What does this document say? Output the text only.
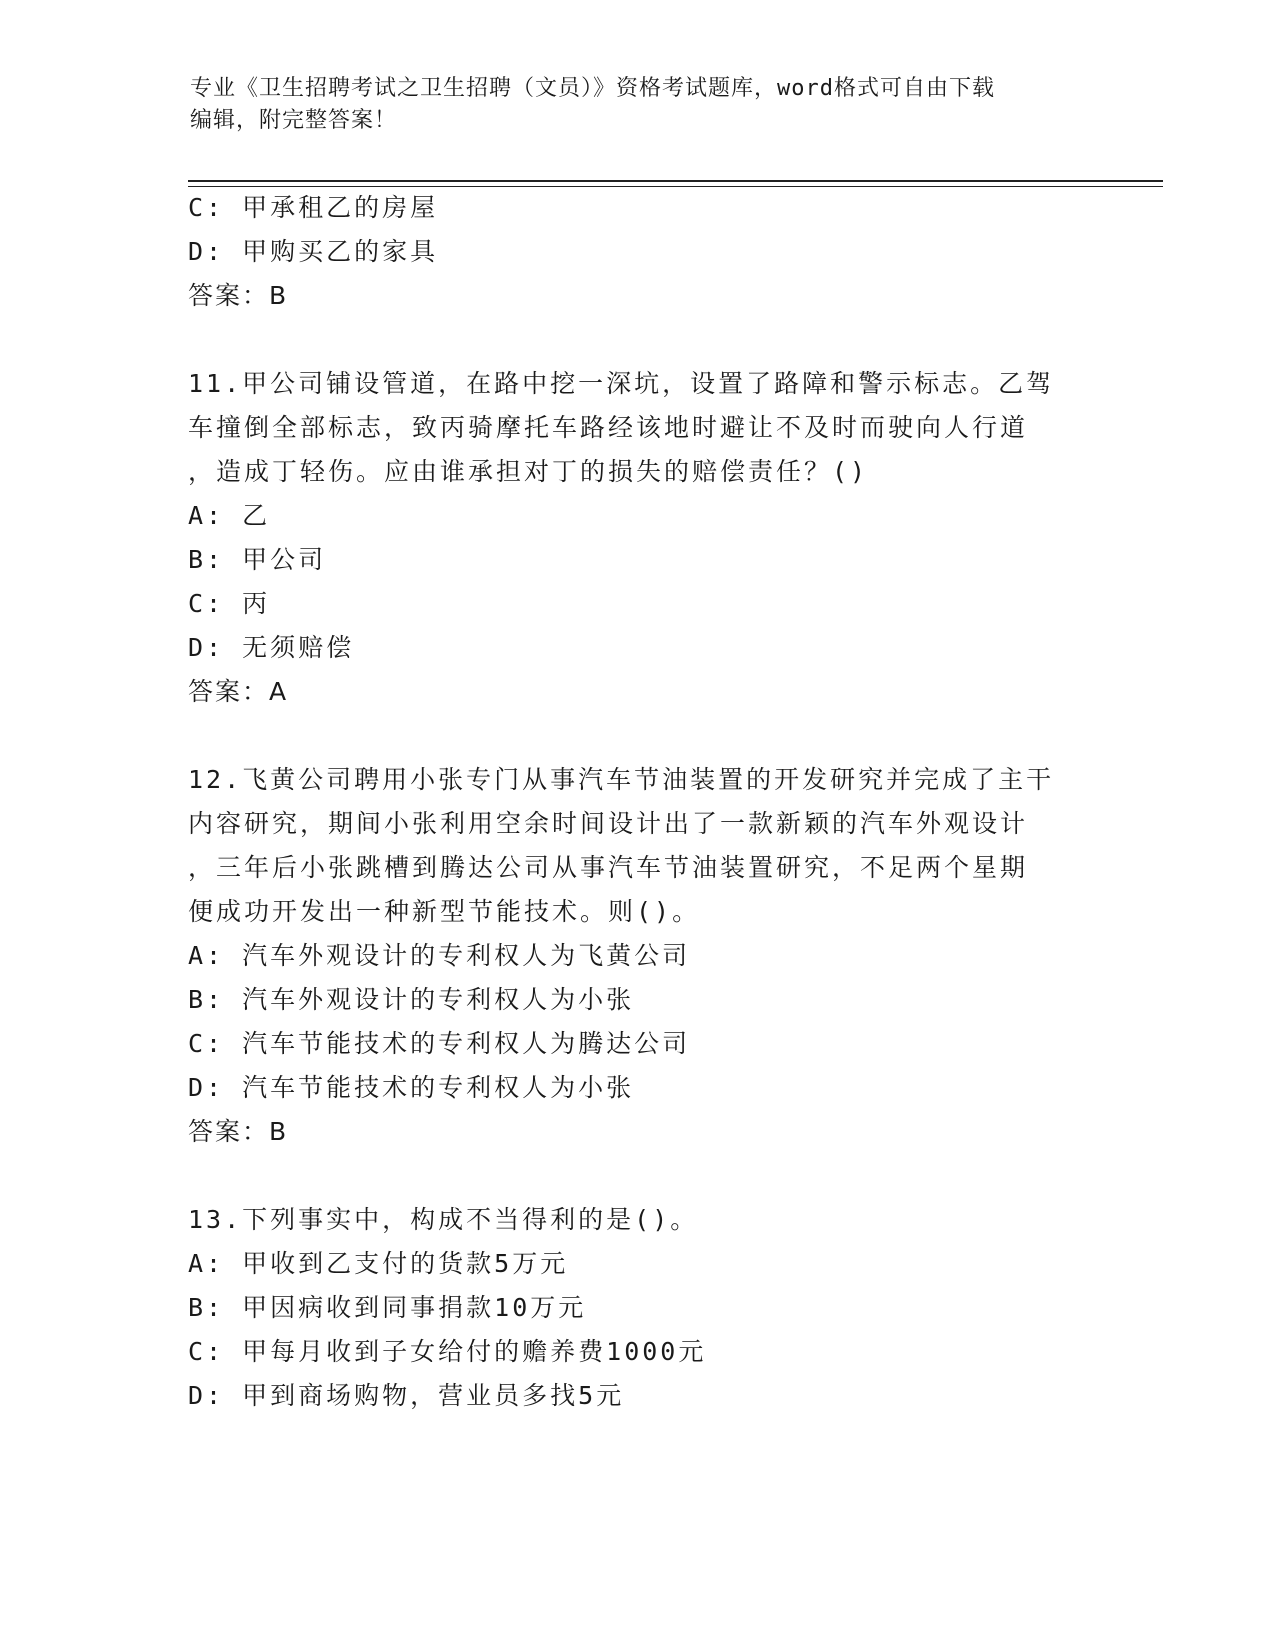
专业《卫生招聘考试之卫生招聘（文员）》资格考试题库，word格式可自由下载
编辑，附完整答案！
C: 甲承租乙的房屋
D: 甲购买乙的家具
答案：B
11.甲公司铺设管道，在路中挖一深坑，设置了路障和警示标志。乙驾
车撞倒全部标志，致丙骑摩托车路经该地时避让不及时而驶向人行道
，造成丁轻伤。应由谁承担对丁的损失的赔偿责任？()
A: 乙
B: 甲公司
C: 丙
D: 无须赔偿
答案：A
12.飞黄公司聘用小张专门从事汽车节油装置的开发研究并完成了主干
内容研究，期间小张利用空余时间设计出了一款新颖的汽车外观设计
，三年后小张跳槽到腾达公司从事汽车节油装置研究，不足两个星期
便成功开发出一种新型节能技术。则()。
A: 汽车外观设计的专利权人为飞黄公司
B: 汽车外观设计的专利权人为小张
C: 汽车节能技术的专利权人为腾达公司
D: 汽车节能技术的专利权人为小张
答案：B
13.下列事实中，构成不当得利的是()。
A: 甲收到乙支付的货款5万元
B: 甲因病收到同事捐款10万元
C: 甲每月收到子女给付的赡养费1000元
D: 甲到商场购物，营业员多找5元
